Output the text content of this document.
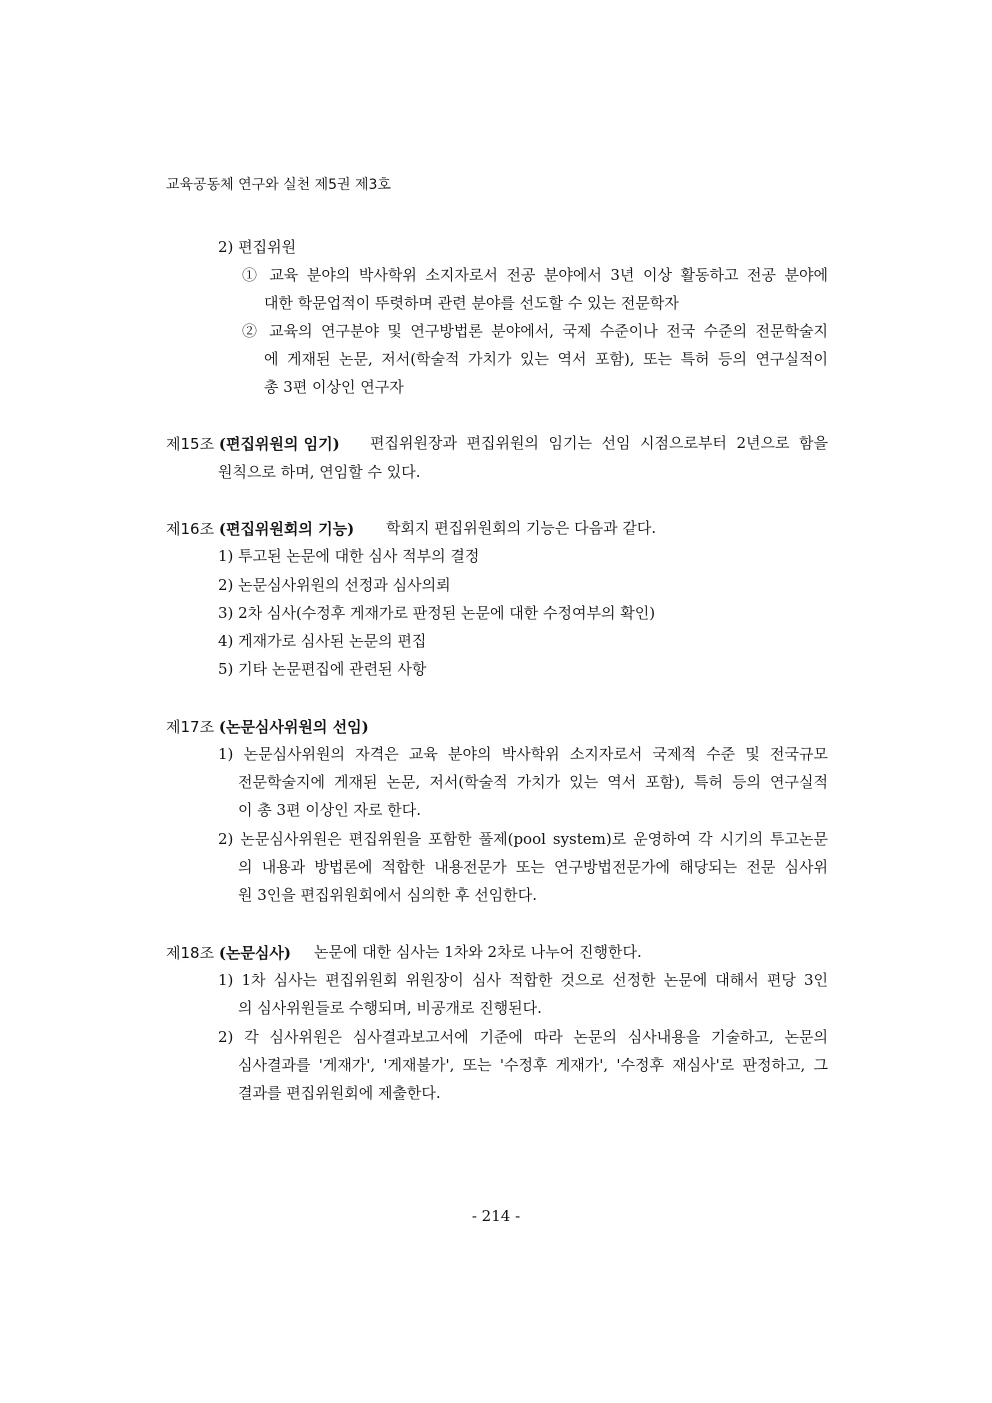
교육공동체 연구와 실천 제5권 제3호
2) 편집위원
① 교육 분야의 박사학위 소지자로서 전공 분야에서 3년 이상 활동하고 전공 분야에
대한 학문업적이 뚜렷하며 관련 분야를 선도할 수 있는 전문학자
② 교육의 연구분야 및 연구방법론 분야에서, 국제 수준이나 전국 수준의 전문학술지
에 게재된 논문, 저서(학술적 가치가 있는 역서 포함), 또는 특허 등의 연구실적이
총 3편 이상인 연구자
제15조 (편집위원의 임기) 편집위원장과 편집위원의 임기는 선임 시점으로부터 2년으로 함을
원칙으로 하며, 연임할 수 있다.
제16조 (편집위원회의 기능) 학회지 편집위원회의 기능은 다음과 같다.
1) 투고된 논문에 대한 심사 적부의 결정
2) 논문심사위원의 선정과 심사의뢰
3) 2차 심사(수정후 게재가로 판정된 논문에 대한 수정여부의 확인)
4) 게재가로 심사된 논문의 편집
5) 기타 논문편집에 관련된 사항
제17조 (논문심사위원의 선임)
1) 논문심사위원의 자격은 교육 분야의 박사학위 소지자로서 국제적 수준 및 전국규모
전문학술지에 게재된 논문, 저서(학술적 가치가 있는 역서 포함), 특허 등의 연구실적
이 총 3편 이상인 자로 한다.
2) 논문심사위원은 편집위원을 포함한 풀제(pool system)로 운영하여 각 시기의 투고논문
의 내용과 방법론에 적합한 내용전문가 또는 연구방법전문가에 해당되는 전문 심사위
원 3인을 편집위원회에서 심의한 후 선임한다.
제18조 (논문심사) 논문에 대한 심사는 1차와 2차로 나누어 진행한다.
1) 1차 심사는 편집위원회 위원장이 심사 적합한 것으로 선정한 논문에 대해서 편당 3인
의 심사위원들로 수행되며, 비공개로 진행된다.
2) 각 심사위원은 심사결과보고서에 기준에 따라 논문의 심사내용을 기술하고, 논문의
심사결과를 '게재가', '게재불가', 또는 '수정후 게재가', '수정후 재심사'로 판정하고, 그
결과를 편집위원회에 제출한다.
- 214 -
